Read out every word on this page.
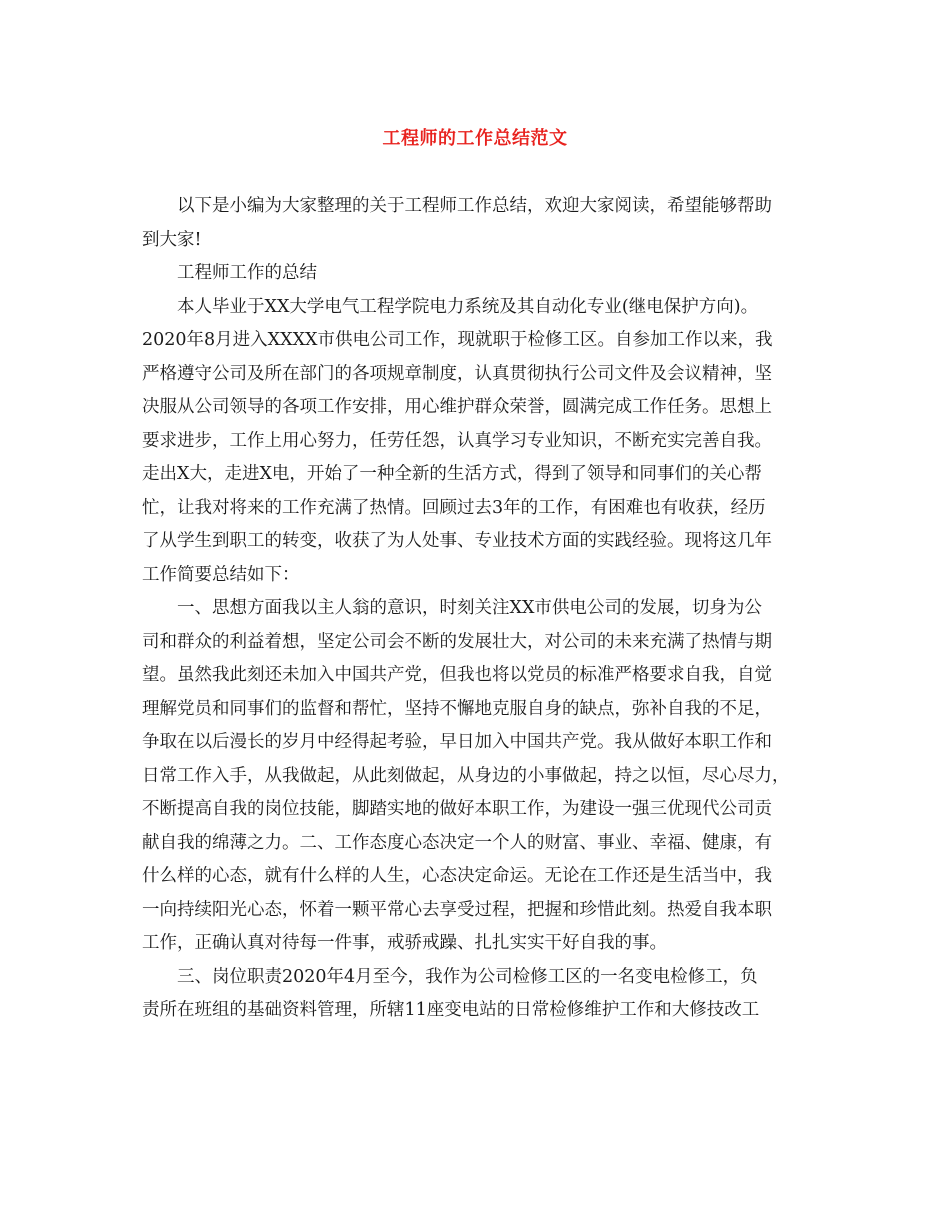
工程师的工作总结范文
以下是小编为大家整理的关于工程师工作总结，欢迎大家阅读，希望能够帮助
到大家!
工程师工作的总结
本人毕业于XX大学电气工程学院电力系统及其自动化专业(继电保护方向)。
2020年8月进入XXXX市供电公司工作，现就职于检修工区。自参加工作以来，我
严格遵守公司及所在部门的各项规章制度，认真贯彻执行公司文件及会议精神，坚
决服从公司领导的各项工作安排，用心维护群众荣誉，圆满完成工作任务。思想上
要求进步，工作上用心努力，任劳任怨，认真学习专业知识，不断充实完善自我。
走出X大，走进X电，开始了一种全新的生活方式，得到了领导和同事们的关心帮
忙，让我对将来的工作充满了热情。回顾过去3年的工作，有困难也有收获，经历
了从学生到职工的转变，收获了为人处事、专业技术方面的实践经验。现将这几年
工作简要总结如下：
一、思想方面我以主人翁的意识，时刻关注XX市供电公司的发展，切身为公
司和群众的利益着想，坚定公司会不断的发展壮大，对公司的未来充满了热情与期
望。虽然我此刻还未加入中国共产党，但我也将以党员的标准严格要求自我，自觉
理解党员和同事们的监督和帮忙，坚持不懈地克服自身的缺点，弥补自我的不足，
争取在以后漫长的岁月中经得起考验，早日加入中国共产党。我从做好本职工作和
日常工作入手，从我做起，从此刻做起，从身边的小事做起，持之以恒，尽心尽力，
不断提高自我的岗位技能，脚踏实地的做好本职工作，为建设一强三优现代公司贡
献自我的绵薄之力。二、工作态度心态决定一个人的财富、事业、幸福、健康，有
什么样的心态，就有什么样的人生，心态决定命运。无论在工作还是生活当中，我
一向持续阳光心态，怀着一颗平常心去享受过程，把握和珍惜此刻。热爱自我本职
工作，正确认真对待每一件事，戒骄戒躁、扎扎实实干好自我的事。
三、岗位职责2020年4月至今，我作为公司检修工区的一名变电检修工，负
责所在班组的基础资料管理，所辖11座变电站的日常检修维护工作和大修技改工
